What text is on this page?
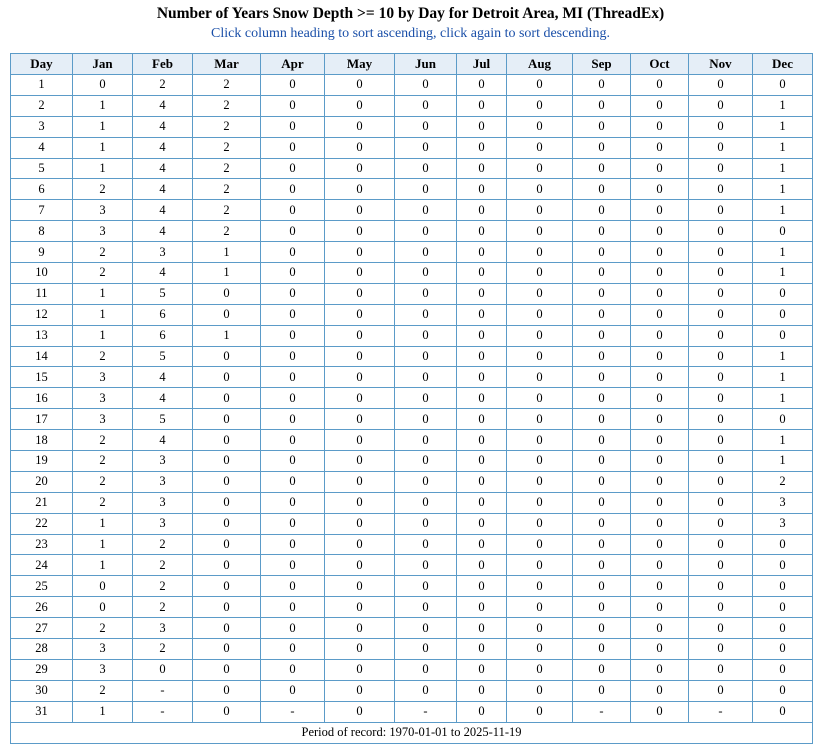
Number of Years Snow Depth >= 10 by Day for Detroit Area, MI (ThreadEx)
Click column heading to sort ascending, click again to sort descending.
Day	Jan	Feb	Mar	Apr	May	Jun	Jul	Aug	Sep	Oct	Nov	Dec
1	0	2	2	0	0	0	0	0	0	0	0	0
2	1	4	2	0	0	0	0	0	0	0	0	1
3	1	4	2	0	0	0	0	0	0	0	0	1
4	1	4	2	0	0	0	0	0	0	0	0	1
5	1	4	2	0	0	0	0	0	0	0	0	1
6	2	4	2	0	0	0	0	0	0	0	0	1
7	3	4	2	0	0	0	0	0	0	0	0	1
8	3	4	2	0	0	0	0	0	0	0	0	0
9	2	3	1	0	0	0	0	0	0	0	0	1
10	2	4	1	0	0	0	0	0	0	0	0	1
11	1	5	0	0	0	0	0	0	0	0	0	0
12	1	6	0	0	0	0	0	0	0	0	0	0
13	1	6	1	0	0	0	0	0	0	0	0	0
14	2	5	0	0	0	0	0	0	0	0	0	1
15	3	4	0	0	0	0	0	0	0	0	0	1
16	3	4	0	0	0	0	0	0	0	0	0	1
17	3	5	0	0	0	0	0	0	0	0	0	0
18	2	4	0	0	0	0	0	0	0	0	0	1
19	2	3	0	0	0	0	0	0	0	0	0	1
20	2	3	0	0	0	0	0	0	0	0	0	2
21	2	3	0	0	0	0	0	0	0	0	0	3
22	1	3	0	0	0	0	0	0	0	0	0	3
23	1	2	0	0	0	0	0	0	0	0	0	0
24	1	2	0	0	0	0	0	0	0	0	0	0
25	0	2	0	0	0	0	0	0	0	0	0	0
26	0	2	0	0	0	0	0	0	0	0	0	0
27	2	3	0	0	0	0	0	0	0	0	0	0
28	3	2	0	0	0	0	0	0	0	0	0	0
29	3	0	0	0	0	0	0	0	0	0	0	0
30	2	-	0	0	0	0	0	0	0	0	0	0
31	1	-	0	-	0	-	0	0	-	0	-	0
Period of record: 1970-01-01 to 2025-11-19												
